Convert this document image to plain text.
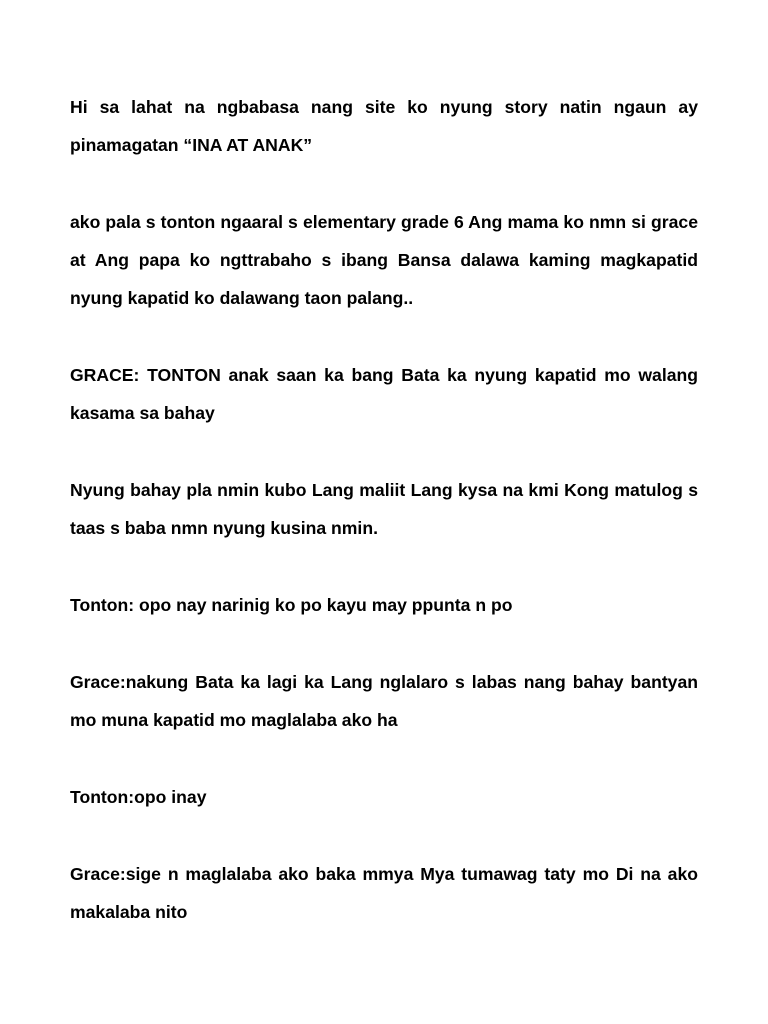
Hi sa lahat na ngbabasa nang site ko nyung story natin ngaun ay pinamagatan “INA AT ANAK”

ako pala s tonton ngaaral s elementary grade 6 Ang mama ko nmn si grace at Ang papa ko ngttrabaho s ibang Bansa dalawa kaming magkapatid nyung kapatid ko dalawang taon palang..

GRACE: TONTON anak saan ka bang Bata ka nyung kapatid mo walang kasama sa bahay

Nyung bahay pla nmin kubo Lang maliit Lang kysa na kmi Kong matulog s taas s baba nmn nyung kusina nmin.

Tonton: opo nay narinig ko po kayu may ppunta n po

Grace:nakung Bata ka lagi ka Lang nglalaro s labas nang bahay bantyan mo muna kapatid mo maglalaba ako ha

Tonton:opo inay

Grace:sige n maglalaba ako baka mmya Mya tumawag taty mo Di na ako makalaba nito
